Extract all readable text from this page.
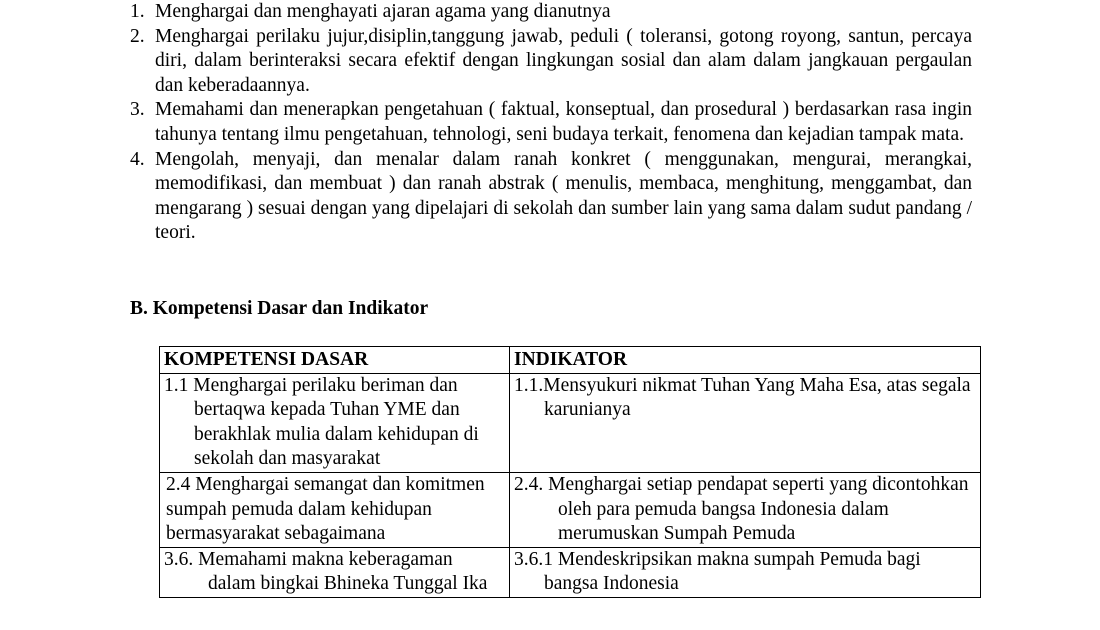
1. Menghargai dan menghayati ajaran agama yang dianutnya
2. Menghargai perilaku jujur,disiplin,tanggung jawab, peduli ( toleransi, gotong royong, santun, percaya diri, dalam berinteraksi secara efektif dengan lingkungan sosial dan alam dalam jangkauan pergaulan dan keberadaannya.
3. Memahami dan menerapkan pengetahuan ( faktual, konseptual, dan prosedural ) berdasarkan rasa ingin tahunya tentang ilmu pengetahuan, tehnologi, seni budaya terkait, fenomena dan kejadian tampak mata.
4. Mengolah, menyaji, dan menalar dalam ranah konkret ( menggunakan, mengurai, merangkai, memodifikasi, dan membuat ) dan ranah abstrak ( menulis, membaca, menghitung, menggambat, dan mengarang ) sesuai dengan yang dipelajari di sekolah dan sumber lain yang sama dalam sudut pandang / teori.
B. Kompetensi Dasar dan Indikator
KOMPETENSI DASAR	INDIKATOR

1.1 Menghargai perilaku beriman dan bertaqwa kepada Tuhan YME dan berakhlak mulia dalam kehidupan di sekolah dan masyarakat	1.1.Mensyukuri nikmat Tuhan Yang Maha Esa, atas segala karunianya

2.4 Menghargai semangat dan komitmen sumpah pemuda dalam kehidupan bermasyarakat sebagaimana	2.4. Menghargai setiap pendapat seperti yang dicontohkan oleh para pemuda bangsa Indonesia dalam merumuskan Sumpah Pemuda

3.6. Memahami makna keberagaman dalam bingkai Bhineka Tunggal Ika	3.6.1 Mendeskripsikan makna sumpah Pemuda bagi bangsa Indonesia
